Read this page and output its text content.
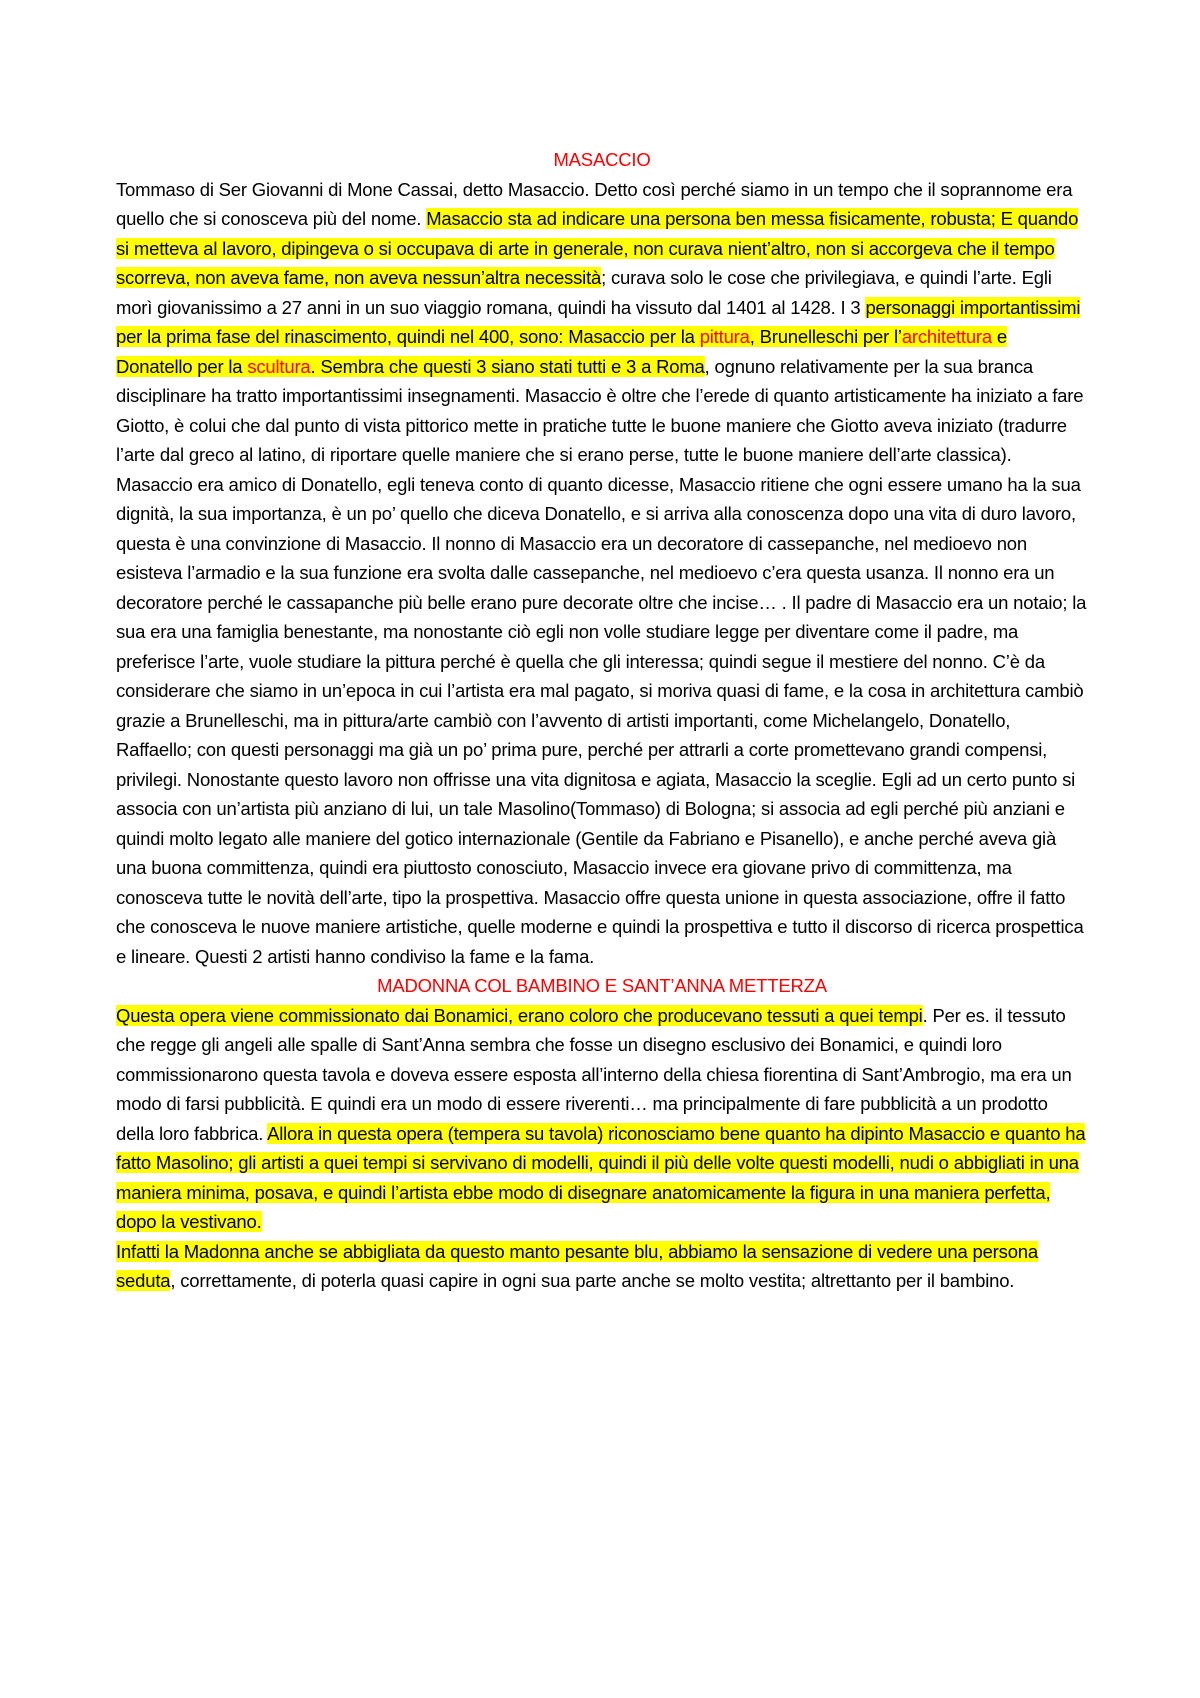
MASACCIO

Tommaso di Ser Giovanni di Mone Cassai, detto Masaccio. Detto così perché siamo in un tempo che il soprannome era quello che si conosceva più del nome. Masaccio sta ad indicare una persona ben messa fisicamente, robusta; E quando si metteva al lavoro, dipingeva o si occupava di arte in generale, non curava nient’altro, non si accorgeva che il tempo scorreva, non aveva fame, non aveva nessun’altra necessità; curava solo le cose che privilegiava, e quindi l’arte. Egli morì giovanissimo a 27 anni in un suo viaggio romana, quindi ha vissuto dal 1401 al 1428. I 3 personaggi importantissimi per la prima fase del rinascimento, quindi nel 400, sono: Masaccio per la pittura, Brunelleschi per l’architettura e Donatello per la scultura. Sembra che questi 3 siano stati tutti e 3 a Roma, ognuno relativamente per la sua branca disciplinare ha tratto importantissimi insegnamenti. Masaccio è oltre che l’erede di quanto artisticamente ha iniziato a fare Giotto, è colui che dal punto di vista pittorico mette in pratiche tutte le buone maniere che Giotto aveva iniziato (tradurre l’arte dal greco al latino, di riportare quelle maniere che si erano perse, tutte le buone maniere dell’arte classica). Masaccio era amico di Donatello, egli teneva conto di quanto dicesse, Masaccio ritiene che ogni essere umano ha la sua dignità, la sua importanza, è un po’ quello che diceva Donatello, e si arriva alla conoscenza dopo una vita di duro lavoro, questa è una convinzione di Masaccio. Il nonno di Masaccio era un decoratore di cassepanche, nel medioevo non esisteva l’armadio e la sua funzione era svolta dalle cassepanche, nel medioevo c’era questa usanza. Il nonno era un decoratore perché le cassapanche più belle erano pure decorate oltre che incise… . Il padre di Masaccio era un notaio; la sua era una famiglia benestante, ma nonostante ciò egli non volle studiare legge per diventare come il padre, ma preferisce l’arte, vuole studiare la pittura perché è quella che gli interessa; quindi segue il mestiere del nonno. C’è da considerare che siamo in un’epoca in cui l’artista era mal pagato, si moriva quasi di fame, e la cosa in architettura cambiò grazie a Brunelleschi, ma in pittura/arte cambiò con l’avvento di artisti importanti, come Michelangelo, Donatello, Raffaello; con questi personaggi ma già un po’ prima pure, perché per attrarli a corte promettevano grandi compensi, privilegi. Nonostante questo lavoro non offrisse una vita dignitosa e agiata, Masaccio la sceglie. Egli ad un certo punto si associa con un’artista più anziano di lui, un tale Masolino(Tommaso) di Bologna; si associa ad egli perché più anziani e quindi molto legato alle maniere del gotico internazionale (Gentile da Fabriano e Pisanello), e anche perché aveva già una buona committenza, quindi era piuttosto conosciuto, Masaccio invece era giovane privo di committenza, ma conosceva tutte le novità dell’arte, tipo la prospettiva. Masaccio offre questa unione in questa associazione, offre il fatto che conosceva le nuove maniere artistiche, quelle moderne e quindi la prospettiva e tutto il discorso di ricerca prospettica e lineare. Questi 2 artisti hanno condiviso la fame e la fama.

MADONNA COL BAMBINO E SANT’ANNA METTERZA

Questa opera viene commissionato dai Bonamici, erano coloro che producevano tessuti a quei tempi. Per es. il tessuto che regge gli angeli alle spalle di Sant’Anna sembra che fosse un disegno esclusivo dei Bonamici, e quindi loro commissionarono questa tavola e doveva essere esposta all’interno della chiesa fiorentina di Sant’Ambrogio, ma era un modo di farsi pubblicità. E quindi era un modo di essere riverenti… ma principalmente di fare pubblicità a un prodotto della loro fabbrica. Allora in questa opera (tempera su tavola) riconosciamo bene quanto ha dipinto Masaccio e quanto ha fatto Masolino; gli artisti a quei tempi si servivano di modelli, quindi il più delle volte questi modelli, nudi o abbigliati in una maniera minima, posava, e quindi l’artista ebbe modo di disegnare anatomicamente la figura in una maniera perfetta, dopo la vestivano.
Infatti la Madonna anche se abbigliata da questo manto pesante blu, abbiamo la sensazione di vedere una persona seduta, correttamente, di poterla quasi capire in ogni sua parte anche se molto vestita; altrettanto per il bambino.
